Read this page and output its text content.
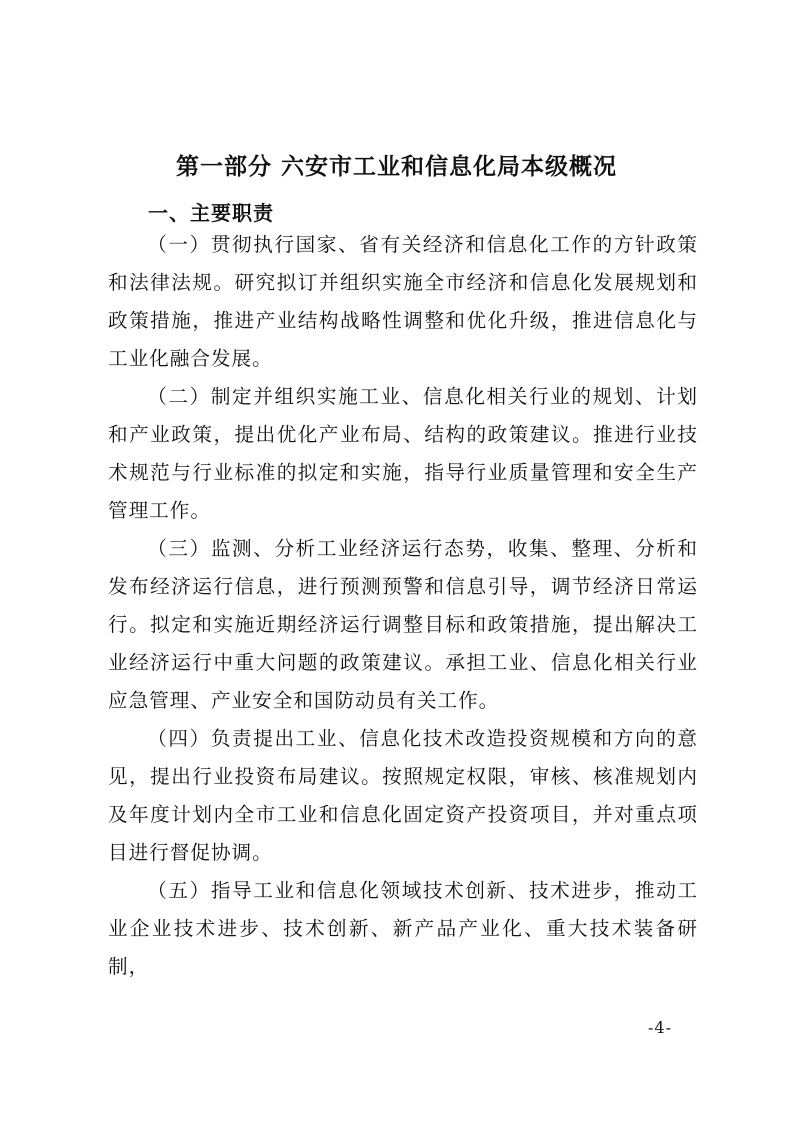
第一部分 六安市工业和信息化局本级概况
一、主要职责

（一）贯彻执行国家、省有关经济和信息化工作的方针政策和法律法规。研究拟订并组织实施全市经济和信息化发展规划和政策措施，推进产业结构战略性调整和优化升级，推进信息化与工业化融合发展。

（二）制定并组织实施工业、信息化相关行业的规划、计划和产业政策，提出优化产业布局、结构的政策建议。推进行业技术规范与行业标准的拟定和实施，指导行业质量管理和安全生产管理工作。

（三）监测、分析工业经济运行态势，收集、整理、分析和发布经济运行信息，进行预测预警和信息引导，调节经济日常运行。拟定和实施近期经济运行调整目标和政策措施，提出解决工业经济运行中重大问题的政策建议。承担工业、信息化相关行业应急管理、产业安全和国防动员有关工作。

（四）负责提出工业、信息化技术改造投资规模和方向的意见，提出行业投资布局建议。按照规定权限，审核、核准规划内及年度计划内全市工业和信息化固定资产投资项目，并对重点项目进行督促协调。

（五）指导工业和信息化领域技术创新、技术进步，推动工业企业技术进步、技术创新、新产品产业化、重大技术装备研制，

-4-
